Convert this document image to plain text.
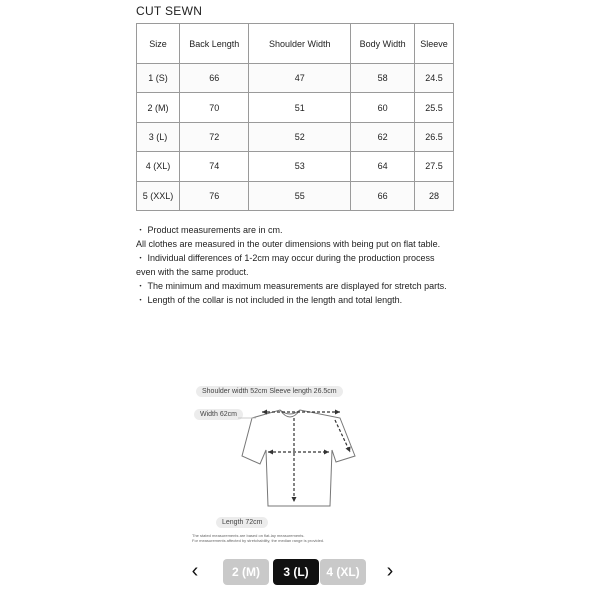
CUT SEWN
Size	Back Length	Shoulder Width	Body Width	Sleeve
1 (S)	66	47	58	24.5
2 (M)	70	51	60	25.5
3 (L)	72	52	62	26.5
4 (XL)	74	53	64	27.5
5 (XXL)	76	55	66	28

・ Product measurements are in cm.

All clothes are measured in the outer dimensions with being put on flat table.

・ Individual differences of 1-2cm may occur during the production process even with the same product.

・ The minimum and maximum measurements are displayed for stretch parts.

・ Length of the collar is not included in the length and total length.

Shoulder width 52cm Sleeve length 26.5cm
Width 62cm
Length 72cm
The stated measurements are based on flat-lay measurements.
For measurements affected by stretchability, the median range is provided.
‹	2 (M)	3 (L)	4 (XL)	›
